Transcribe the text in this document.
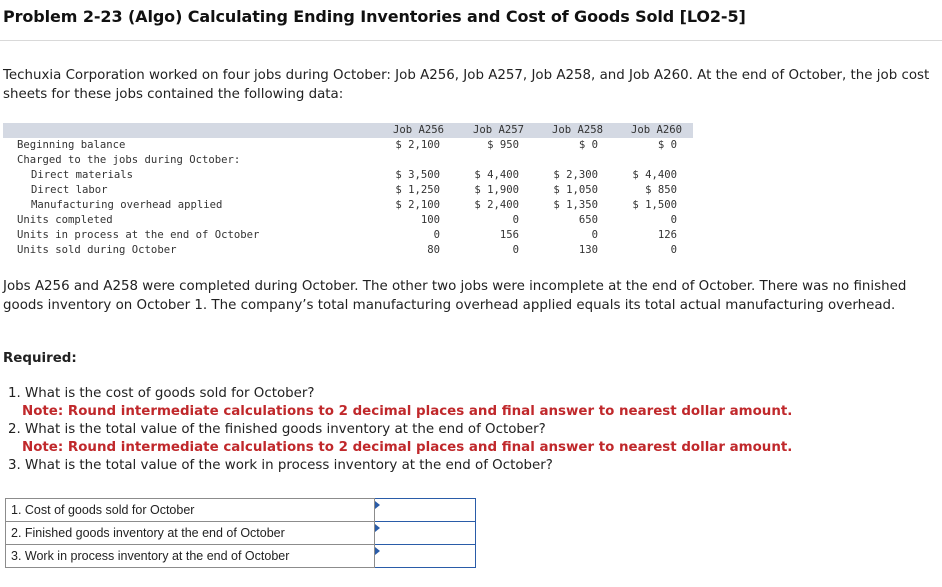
Problem 2-23 (Algo) Calculating Ending Inventories and Cost of Goods Sold [LO2-5]
Techuxia Corporation worked on four jobs during October: Job A256, Job A257, Job A258, and Job A260. At the end of October, the job cost sheets for these jobs contained the following data:
Job A256	Job A257	Job A258	Job A260
Beginning balance	$ 2,100	$ 950	$ 0	$ 0
Charged to the jobs during October:
Direct materials	$ 3,500	$ 4,400	$ 2,300	$ 4,400
Direct labor	$ 1,250	$ 1,900	$ 1,050	$ 850
Manufacturing overhead applied	$ 2,100	$ 2,400	$ 1,350	$ 1,500
Units completed	100	0	650	0
Units in process at the end of October	0	156	0	126
Units sold during October	80	0	130	0
Jobs A256 and A258 were completed during October. The other two jobs were incomplete at the end of October. There was no finished goods inventory on October 1. The company’s total manufacturing overhead applied equals its total actual manufacturing overhead.
Required:
1. What is the cost of goods sold for October?
Note: Round intermediate calculations to 2 decimal places and final answer to nearest dollar amount.
2. What is the total value of the finished goods inventory at the end of October?
Note: Round intermediate calculations to 2 decimal places and final answer to nearest dollar amount.
3. What is the total value of the work in process inventory at the end of October?
1. Cost of goods sold for October	

2. Finished goods inventory at the end of October	

3. Work in process inventory at the end of October	
